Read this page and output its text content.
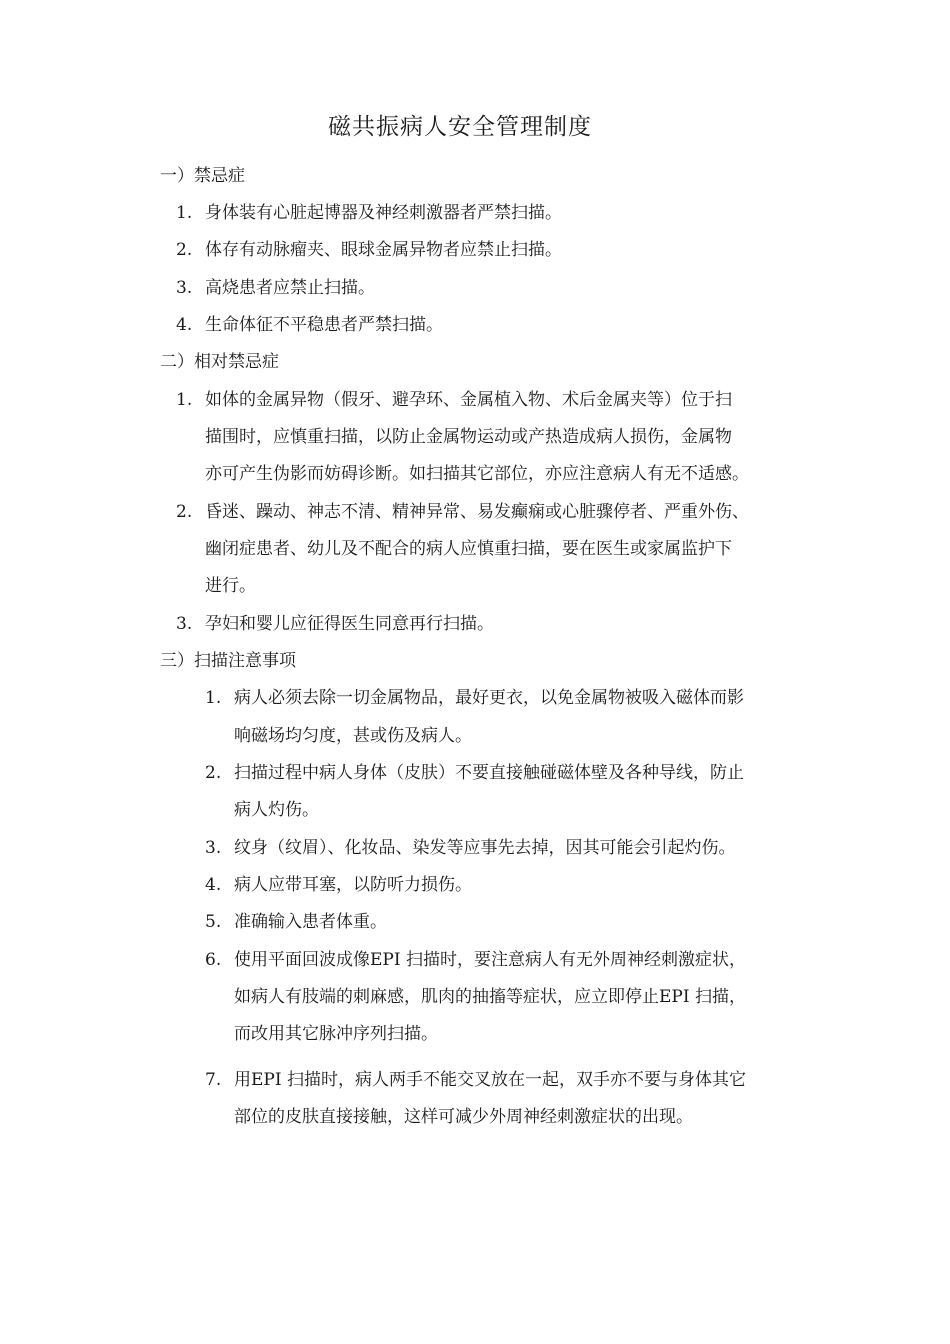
磁共振病人安全管理制度
一）禁忌症
1. 身体装有心脏起博器及神经刺激器者严禁扫描。
2. 体存有动脉瘤夹、眼球金属异物者应禁止扫描。
3. 高烧患者应禁止扫描。
4. 生命体征不平稳患者严禁扫描。
二）相对禁忌症
1. 如体的金属异物（假牙、避孕环、金属植入物、术后金属夹等）位于扫
描围时，应慎重扫描，以防止金属物运动或产热造成病人损伤，金属物
亦可产生伪影而妨碍诊断。如扫描其它部位，亦应注意病人有无不适感。
2. 昏迷、躁动、神志不清、精神异常、易发癫痫或心脏骤停者、严重外伤、
幽闭症患者、幼儿及不配合的病人应慎重扫描，要在医生或家属监护下
进行。
3. 孕妇和婴儿应征得医生同意再行扫描。
三）扫描注意事项
1. 病人必须去除一切金属物品，最好更衣，以免金属物被吸入磁体而影
响磁场均匀度，甚或伤及病人。
2. 扫描过程中病人身体（皮肤）不要直接触碰磁体壁及各种导线，防止
病人灼伤。
3. 纹身（纹眉）、化妆品、染发等应事先去掉，因其可能会引起灼伤。
4. 病人应带耳塞，以防听力损伤。
5. 准确输入患者体重。
6. 使用平面回波成像EPI 扫描时，要注意病人有无外周神经刺激症状，
如病人有肢端的刺麻感，肌肉的抽搐等症状，应立即停止EPI 扫描，
而改用其它脉冲序列扫描。
7. 用EPI 扫描时，病人两手不能交叉放在一起，双手亦不要与身体其它
部位的皮肤直接接触，这样可减少外周神经刺激症状的出现。
